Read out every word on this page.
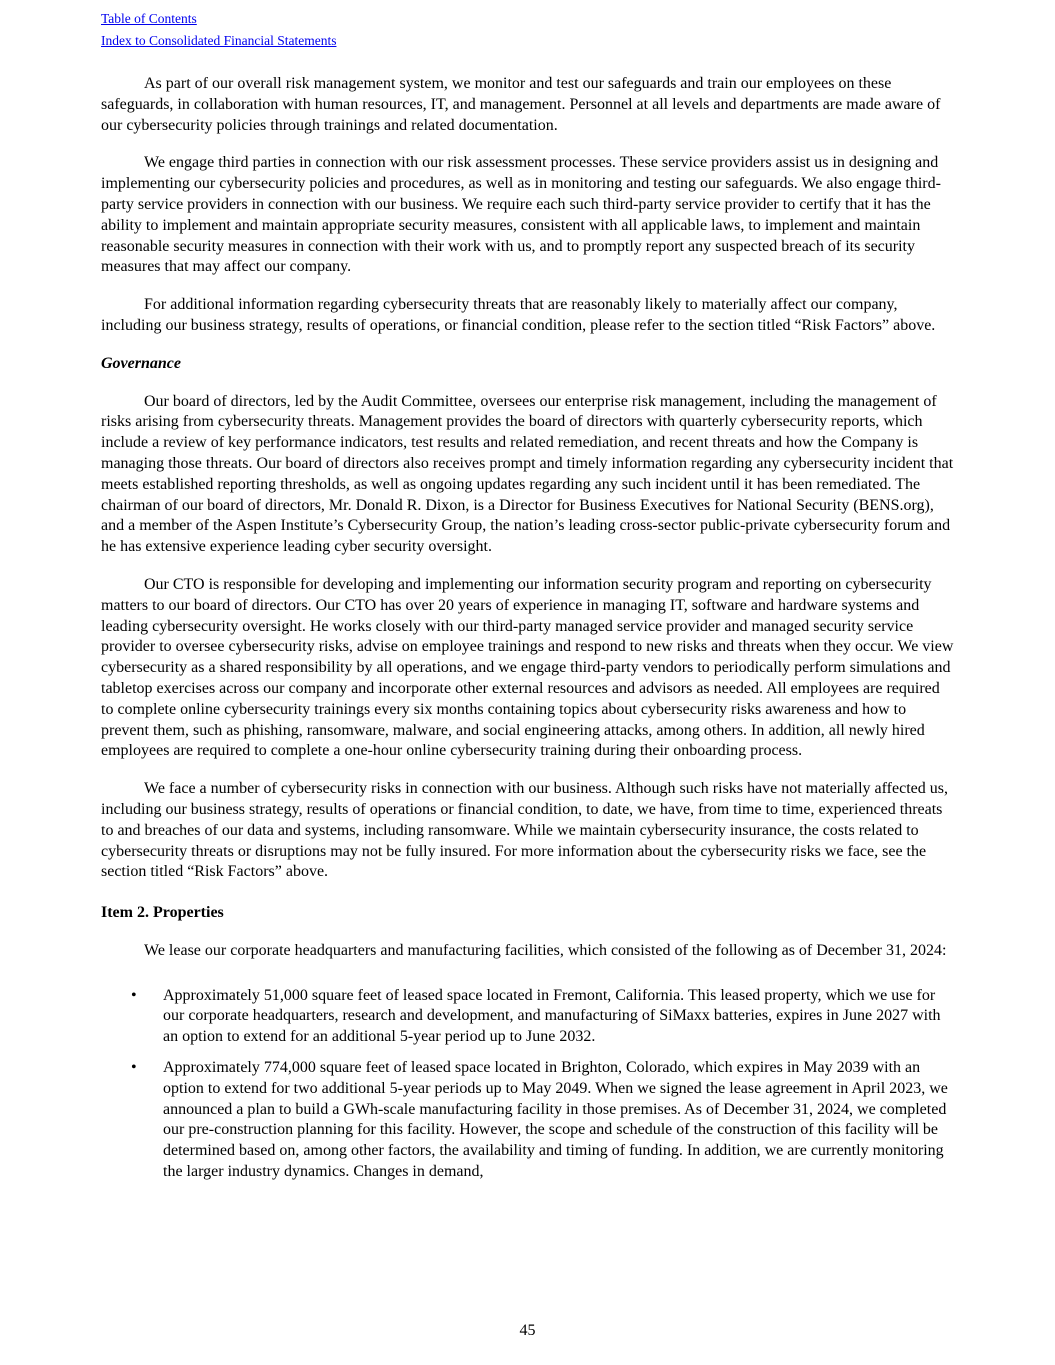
Table of Contents
Index to Consolidated Financial Statements

As part of our overall risk management system, we monitor and test our safeguards and train our employees on these safeguards, in collaboration with human resources, IT, and management. Personnel at all levels and departments are made aware of our cybersecurity policies through trainings and related documentation.

We engage third parties in connection with our risk assessment processes. These service providers assist us in designing and implementing our cybersecurity policies and procedures, as well as in monitoring and testing our safeguards. We also engage third-party service providers in connection with our business. We require each such third-party service provider to certify that it has the ability to implement and maintain appropriate security measures, consistent with all applicable laws, to implement and maintain reasonable security measures in connection with their work with us, and to promptly report any suspected breach of its security measures that may affect our company.

For additional information regarding cybersecurity threats that are reasonably likely to materially affect our company, including our business strategy, results of operations, or financial condition, please refer to the section titled “Risk Factors” above.

Governance

Our board of directors, led by the Audit Committee, oversees our enterprise risk management, including the management of risks arising from cybersecurity threats. Management provides the board of directors with quarterly cybersecurity reports, which include a review of key performance indicators, test results and related remediation, and recent threats and how the Company is managing those threats. Our board of directors also receives prompt and timely information regarding any cybersecurity incident that meets established reporting thresholds, as well as ongoing updates regarding any such incident until it has been remediated. The chairman of our board of directors, Mr. Donald R. Dixon, is a Director for Business Executives for National Security (BENS.org), and a member of the Aspen Institute’s Cybersecurity Group, the nation’s leading cross-sector public-private cybersecurity forum and he has extensive experience leading cyber security oversight.

Our CTO is responsible for developing and implementing our information security program and reporting on cybersecurity matters to our board of directors. Our CTO has over 20 years of experience in managing IT, software and hardware systems and leading cybersecurity oversight. He works closely with our third-party managed service provider and managed security service provider to oversee cybersecurity risks, advise on employee trainings and respond to new risks and threats when they occur. We view cybersecurity as a shared responsibility by all operations, and we engage third-party vendors to periodically perform simulations and tabletop exercises across our company and incorporate other external resources and advisors as needed. All employees are required to complete online cybersecurity trainings every six months containing topics about cybersecurity risks awareness and how to prevent them, such as phishing, ransomware, malware, and social engineering attacks, among others. In addition, all newly hired employees are required to complete a one-hour online cybersecurity training during their onboarding process.

We face a number of cybersecurity risks in connection with our business. Although such risks have not materially affected us, including our business strategy, results of operations or financial condition, to date, we have, from time to time, experienced threats to and breaches of our data and systems, including ransomware. While we maintain cybersecurity insurance, the costs related to cybersecurity threats or disruptions may not be fully insured. For more information about the cybersecurity risks we face, see the section titled “Risk Factors” above.

Item 2. Properties

We lease our corporate headquarters and manufacturing facilities, which consisted of the following as of December 31, 2024:

• Approximately 51,000 square feet of leased space located in Fremont, California. This leased property, which we use for our corporate headquarters, research and development, and manufacturing of SiMaxx batteries, expires in June 2027 with an option to extend for an additional 5-year period up to June 2032.
• Approximately 774,000 square feet of leased space located in Brighton, Colorado, which expires in May 2039 with an option to extend for two additional 5-year periods up to May 2049. When we signed the lease agreement in April 2023, we announced a plan to build a GWh-scale manufacturing facility in those premises. As of December 31, 2024, we completed our pre-construction planning for this facility. However, the scope and schedule of the construction of this facility will be determined based on, among other factors, the availability and timing of funding. In addition, we are currently monitoring the larger industry dynamics. Changes in demand,
45
